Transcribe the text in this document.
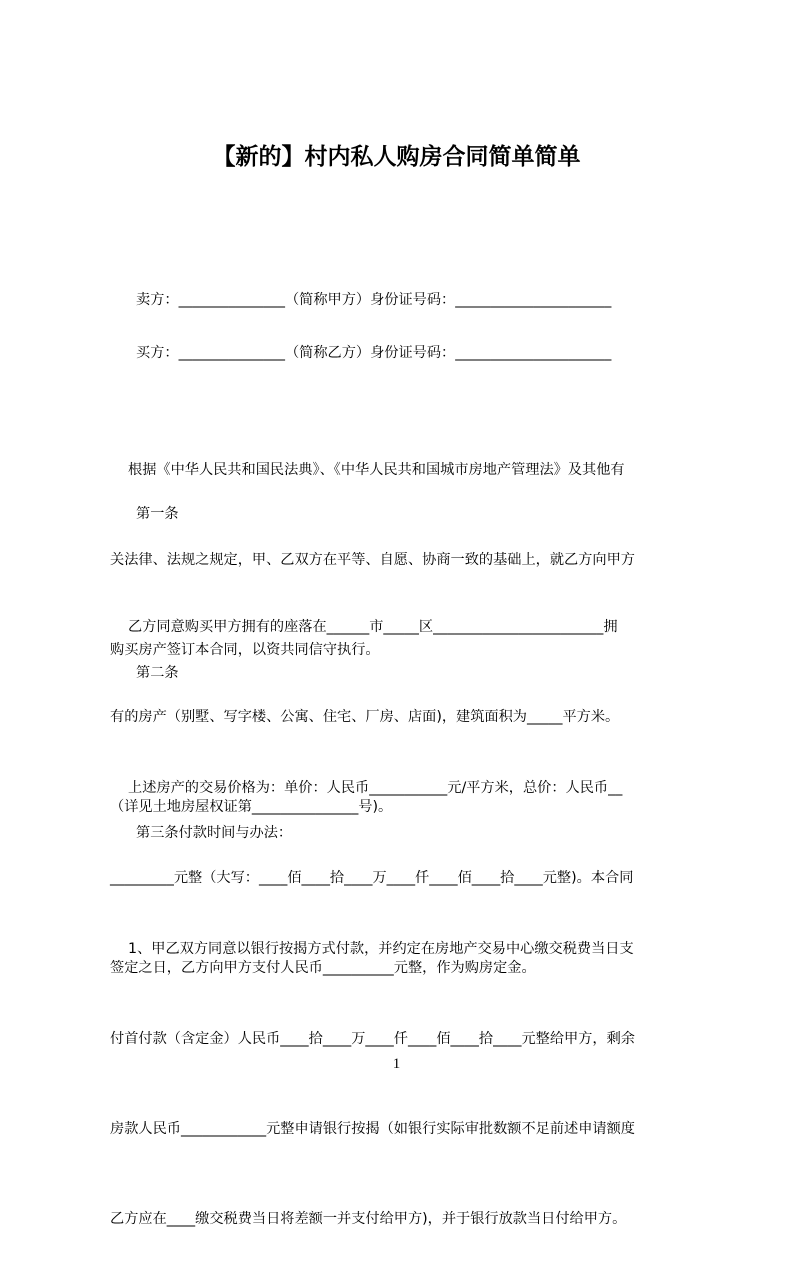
【新的】村内私人购房合同简单简单
卖方：_______________（简称甲方）身份证号码：______________________
买方：_______________（简称乙方）身份证号码：______________________

根据《中华人民共和国民法典》、《中华人民共和国城市房地产管理法》及其他有

关法律、法规之规定，甲、乙双方在平等、自愿、协商一致的基础上，就乙方向甲方

购买房产签订本合同，以资共同信守执行。

第一条

乙方同意购买甲方拥有的座落在______市_____区________________________拥

有的房产（别墅、写字楼、公寓、住宅、厂房、店面)，建筑面积为_____平方米。

（详见土地房屋权证第_______________号)。

第二条

上述房产的交易价格为：单价：人民币___________元/平方米，总价：人民币__

_________元整（大写：____佰____拾____万____仟____佰____拾____元整)。本合同

签定之日，乙方向甲方支付人民币__________元整，作为购房定金。

第三条付款时间与办法：

1、甲乙双方同意以银行按揭方式付款，并约定在房地产交易中心缴交税费当日支

付首付款（含定金）人民币____拾____万____仟____佰____拾____元整给甲方，剩余

房款人民币____________元整申请银行按揭（如银行实际审批数额不足前述申请额度

乙方应在____缴交税费当日将差额一并支付给甲方)，并于银行放款当日付给甲方。

1
